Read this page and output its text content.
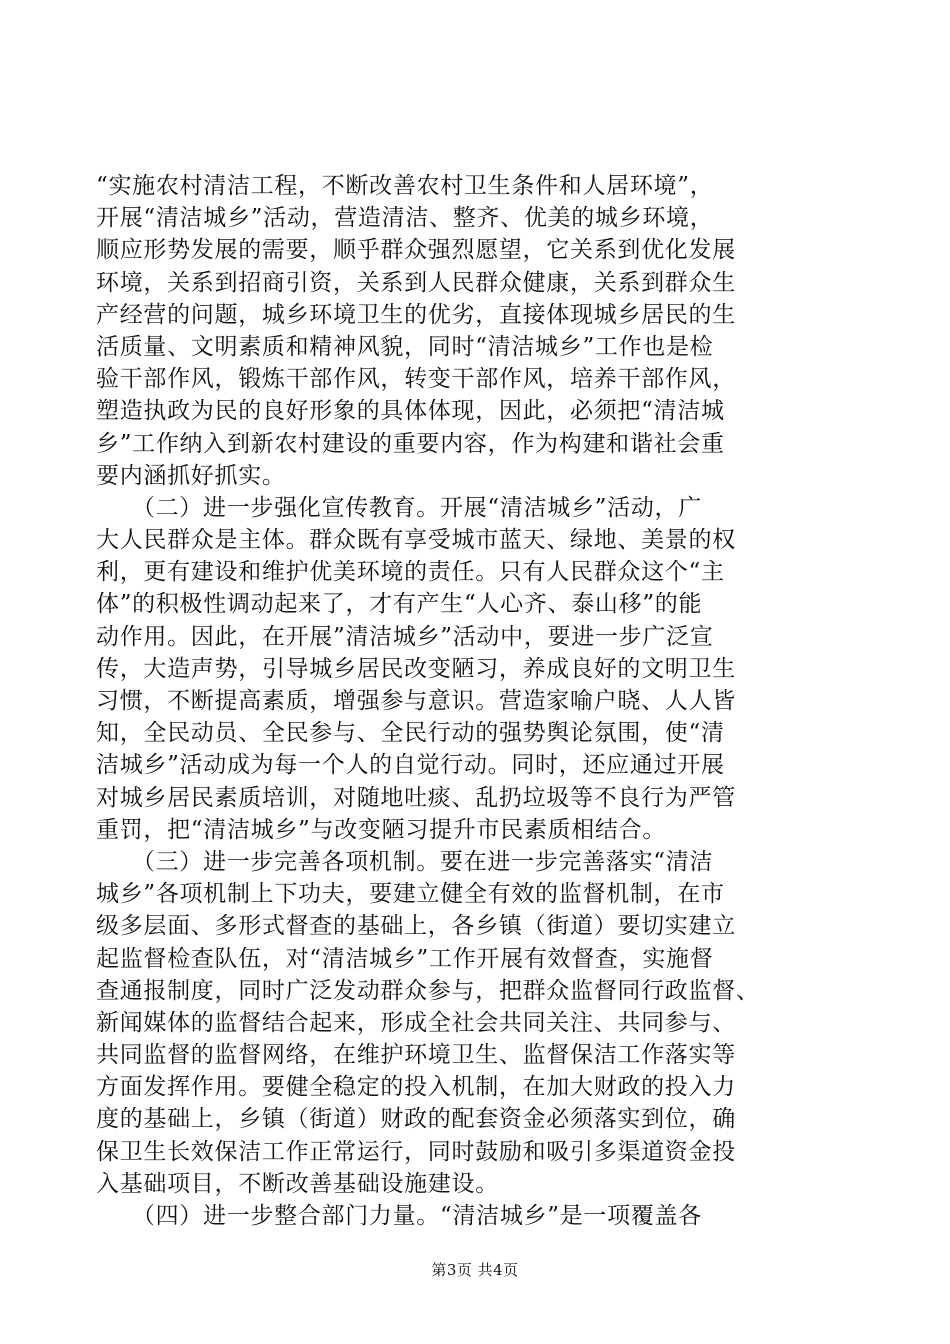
“实施农村清洁工程，不断改善农村卫生条件和人居环境”，
开展“清洁城乡”活动，营造清洁、整齐、优美的城乡环境，
顺应形势发展的需要，顺乎群众强烈愿望，它关系到优化发展
环境，关系到招商引资，关系到人民群众健康，关系到群众生
产经营的问题，城乡环境卫生的优劣，直接体现城乡居民的生
活质量、文明素质和精神风貌，同时“清洁城乡”工作也是检
验干部作风，锻炼干部作风，转变干部作风，培养干部作风，
塑造执政为民的良好形象的具体体现，因此，必须把“清洁城
乡”工作纳入到新农村建设的重要内容，作为构建和谐社会重
要内涵抓好抓实。
　　（二）进一步强化宣传教育。开展“清洁城乡”活动，广
大人民群众是主体。群众既有享受城市蓝天、绿地、美景的权
利，更有建设和维护优美环境的责任。只有人民群众这个“主
体”的积极性调动起来了，才有产生“人心齐、泰山移”的能
动作用。因此，在开展”清洁城乡”活动中，要进一步广泛宣
传，大造声势，引导城乡居民改变陋习，养成良好的文明卫生
习惯，不断提高素质，增强参与意识。营造家喻户晓、人人皆
知，全民动员、全民参与、全民行动的强势舆论氛围，使“清
洁城乡”活动成为每一个人的自觉行动。同时，还应通过开展
对城乡居民素质培训，对随地吐痰、乱扔垃圾等不良行为严管
重罚，把“清洁城乡”与改变陋习提升市民素质相结合。
　　（三）进一步完善各项机制。要在进一步完善落实“清洁
城乡”各项机制上下功夫，要建立健全有效的监督机制，在市
级多层面、多形式督查的基础上，各乡镇（街道）要切实建立
起监督检查队伍，对“清洁城乡”工作开展有效督查，实施督
查通报制度，同时广泛发动群众参与，把群众监督同行政监督、
新闻媒体的监督结合起来，形成全社会共同关注、共同参与、
共同监督的监督网络，在维护环境卫生、监督保洁工作落实等
方面发挥作用。要健全稳定的投入机制，在加大财政的投入力
度的基础上，乡镇（街道）财政的配套资金必须落实到位，确
保卫生长效保洁工作正常运行，同时鼓励和吸引多渠道资金投
入基础项目，不断改善基础设施建设。
　　（四）进一步整合部门力量。“清洁城乡”是一项覆盖各
第3页 共4页
